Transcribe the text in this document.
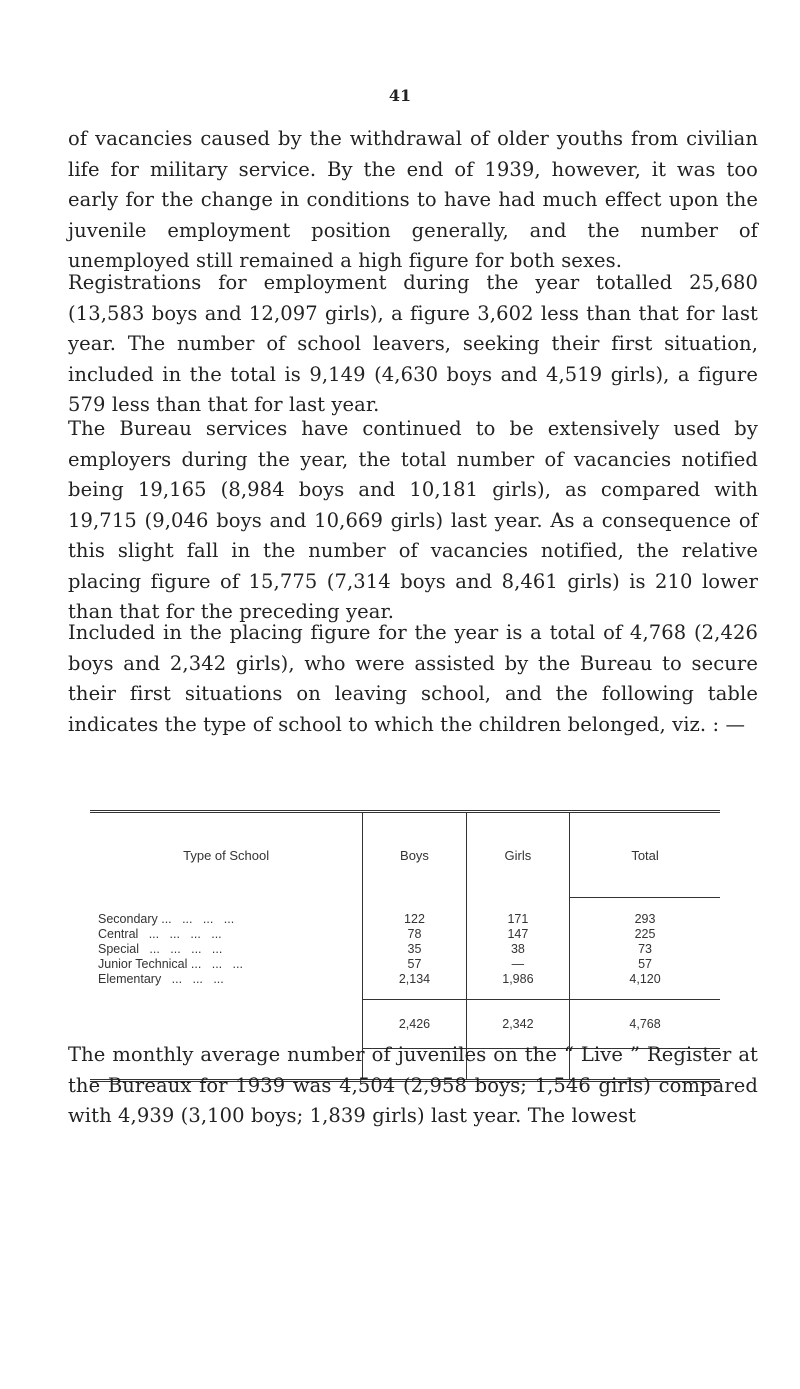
41

of vacancies caused by the withdrawal of older youths from civilian life for military service. By the end of 1939, however, it was too early for the change in conditions to have had much effect upon the juvenile employment position generally, and the number of unemployed still remained a high figure for both sexes.

Registrations for employment during the year totalled 25,680 (13,583 boys and 12,097 girls), a figure 3,602 less than that for last year. The number of school leavers, seeking their first situation, included in the total is 9,149 (4,630 boys and 4,519 girls), a figure 579 less than that for last year.

The Bureau services have continued to be extensively used by employers during the year, the total number of vacancies notified being 19,165 (8,984 boys and 10,181 girls), as compared with 19,715 (9,046 boys and 10,669 girls) last year. As a consequence of this slight fall in the number of vacancies notified, the relative placing figure of 15,775 (7,314 boys and 8,461 girls) is 210 lower than that for the preceding year.

Included in the placing figure for the year is a total of 4,768 (2,426 boys and 2,342 girls), who were assisted by the Bureau to secure their first situations on leaving school, and the following table indicates the type of school to which the children belonged, viz. : —

Type of School	Boys	Girls	Total
Secondary ...   ...   ...   ...	122	171	293
Central   ...   ...   ...   ...	78	147	225
Special   ...   ...   ...   ...	35	38	73
Junior Technical ...   ...   ...	57	—	57
Elementary   ...   ...   ...	2,134	1,986	4,120
	2,426	2,342	4,768

The monthly average number of juveniles on the “ Live ” Register at the Bureaux for 1939 was 4,504 (2,958 boys; 1,546 girls) compared with 4,939 (3,100 boys; 1,839 girls) last year. The lowest
